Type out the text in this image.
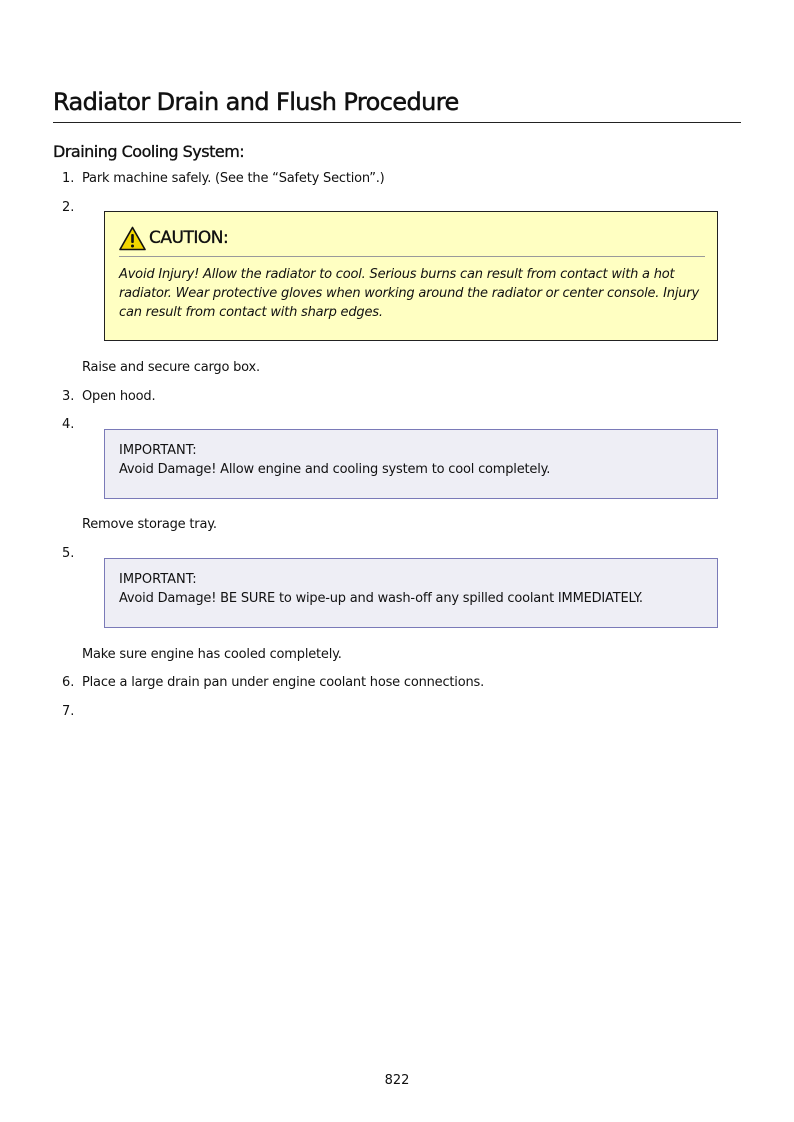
Radiator Drain and Flush Procedure
Draining Cooling System:
1. Park machine safely. (See the “Safety Section”.)
2.
CAUTION:

Avoid Injury! Allow the radiator to cool. Serious burns can result from contact with a hot radiator. Wear protective gloves when working around the radiator or center console. Injury can result from contact with sharp edges.

Raise and secure cargo box.
3. Open hood.
4.
IMPORTANT:
Avoid Damage! Allow engine and cooling system to cool completely.
Remove storage tray.
5.
IMPORTANT:
Avoid Damage! BE SURE to wipe-up and wash-off any spilled coolant IMMEDIATELY.
Make sure engine has cooled completely.
6. Place a large drain pan under engine coolant hose connections.
7.
822
